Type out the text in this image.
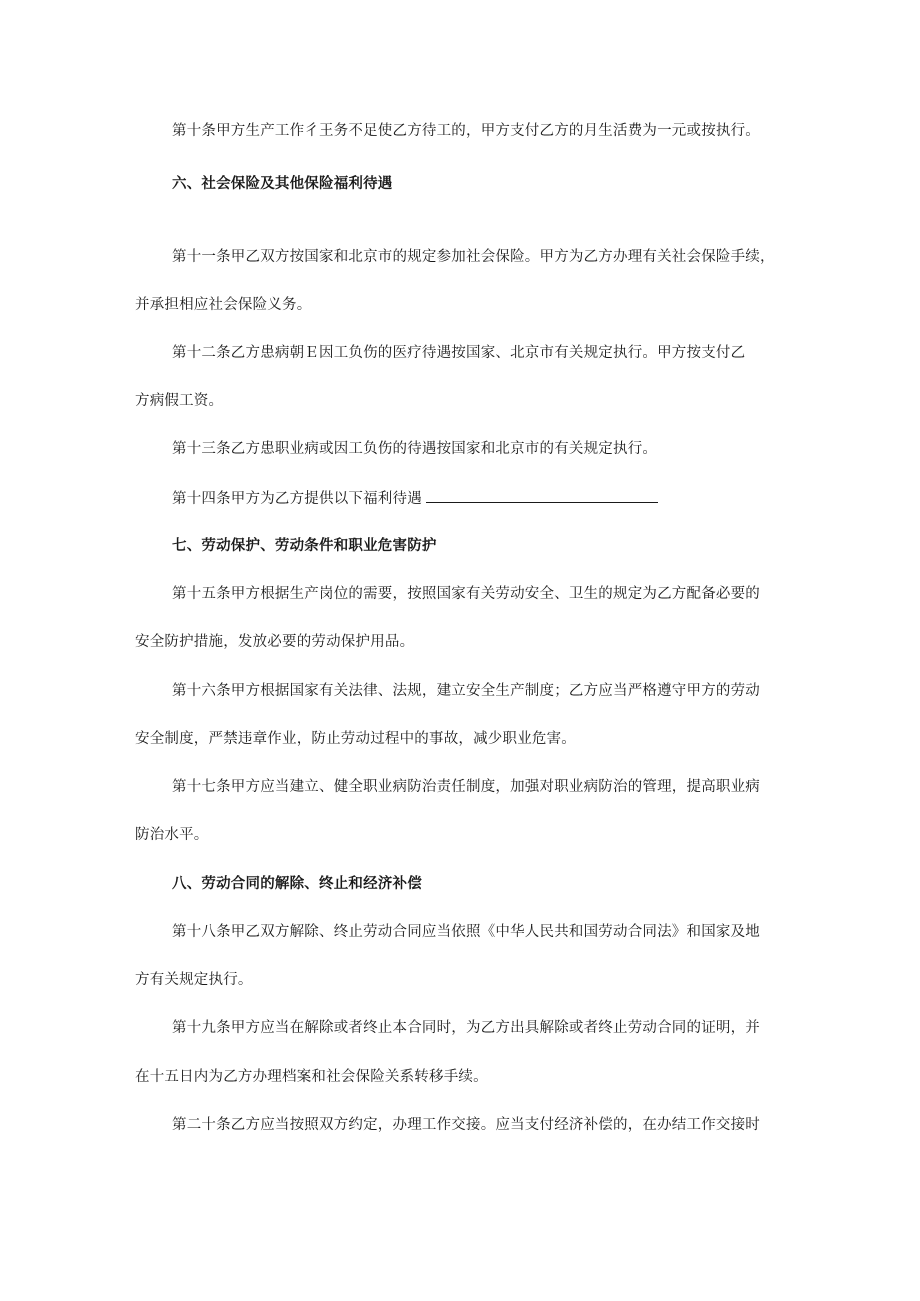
第十条甲方生产工作彳王务不足使乙方待工的，甲方支付乙方的月生活费为一元或按执行。
六、社会保险及其他保险福利待遇
第十一条甲乙双方按国家和北京市的规定参加社会保险。甲方为乙方办理有关社会保险手续，
并承担相应社会保险义务。
第十二条乙方患病朝Ｅ因工负伤的医疗待遇按国家、北京市有关规定执行。甲方按支付乙
方病假工资。
第十三条乙方患职业病或因工负伤的待遇按国家和北京市的有关规定执行。
第十四条甲方为乙方提供以下福利待遇
七、劳动保护、劳动条件和职业危害防护
第十五条甲方根据生产岗位的需要，按照国家有关劳动安全、卫生的规定为乙方配备必要的
安全防护措施，发放必要的劳动保护用品。
第十六条甲方根据国家有关法律、法规，建立安全生产制度；乙方应当严格遵守甲方的劳动
安全制度，严禁违章作业，防止劳动过程中的事故，减少职业危害。
第十七条甲方应当建立、健全职业病防治责任制度，加强对职业病防治的管理，提高职业病
防治水平。
八、劳动合同的解除、终止和经济补偿
第十八条甲乙双方解除、终止劳动合同应当依照《中华人民共和国劳动合同法》和国家及地
方有关规定执行。
第十九条甲方应当在解除或者终止本合同时，为乙方出具解除或者终止劳动合同的证明，并
在十五日内为乙方办理档案和社会保险关系转移手续。
第二十条乙方应当按照双方约定，办理工作交接。应当支付经济补偿的，在办结工作交接时
